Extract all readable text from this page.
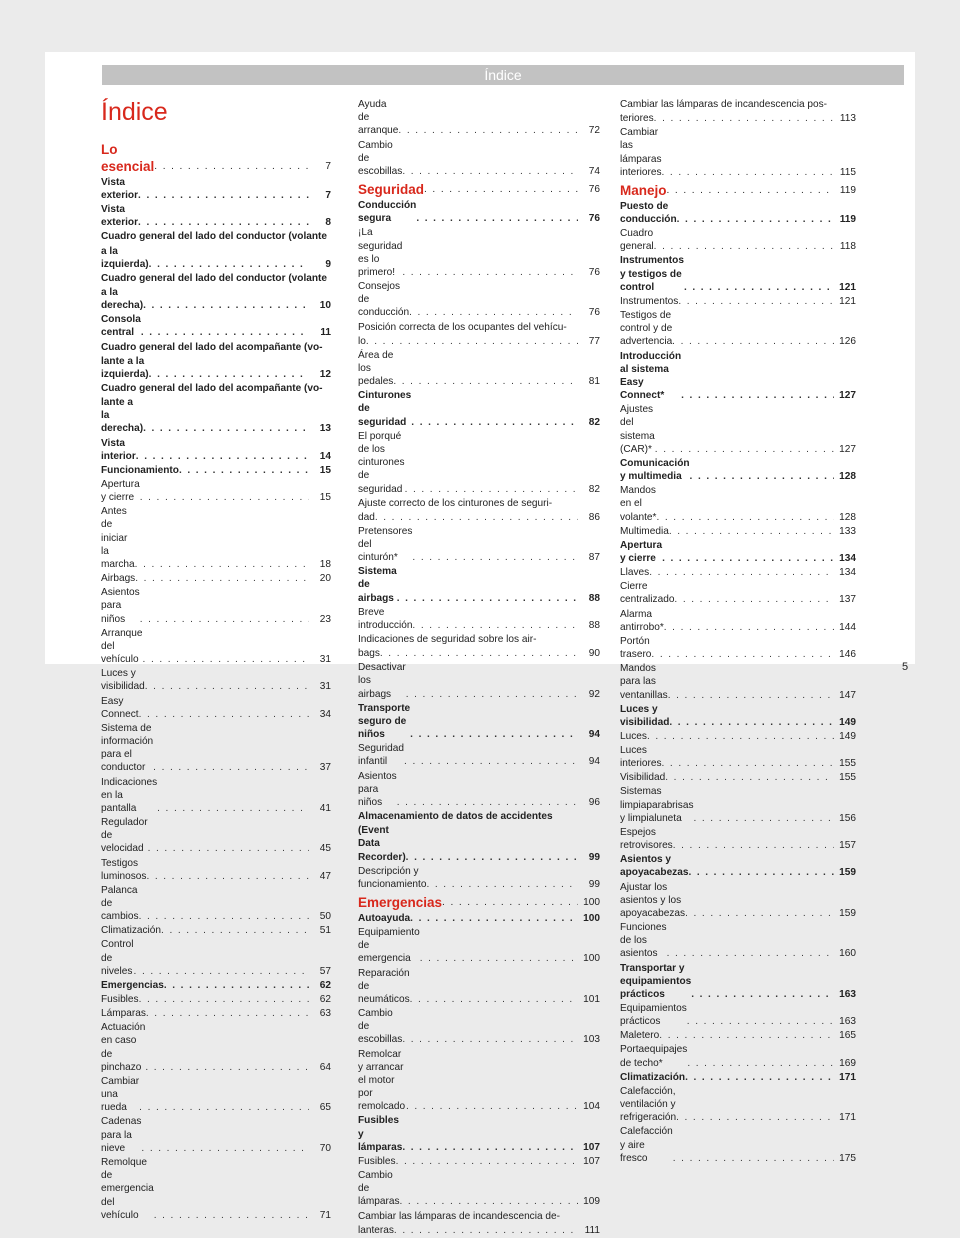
Índice
Índice
Lo esencial . . .	7
Vista exterior . . .	7
Vista exterior . . .	8
Cuadro general del lado del conductor (volante
a la izquierda) . . .	9
Cuadro general del lado del conductor (volante
a la derecha) . . .	10
Consola central . . .	11
Cuadro general del lado del acompañante (vo-
lante a la izquierda) . . .	12
Cuadro general del lado del acompañante (vo-
lante a la derecha) . . .	13
Vista interior . . .	14
Funcionamiento . . .	15
Apertura y cierre . . .	15
Antes de iniciar la marcha . . .	18
Airbags . . .	20
Asientos para niños . . .	23
Arranque del vehículo . . .	31
Luces y visibilidad . . .	31
Easy Connect . . .	34
Sistema de información para el conductor . . .	37
Indicaciones en la pantalla . . .	41
Regulador de velocidad . . .	45
Testigos luminosos . . .	47
Palanca de cambios . . .	50
Climatización . . .	51
Control de niveles . . .	57
Emergencias . . .	62
Fusibles . . .	62
Lámparas . . .	63
Actuación en caso de pinchazo . . .	64
Cambiar una rueda . . .	65
Cadenas para la nieve . . .	70
Remolque de emergencia del vehículo . . .	71
Ayuda de arranque . . .	72
Cambio de escobillas . . .	74
Seguridad . . .	76
Conducción segura . . .	76
¡La seguridad es lo primero! . . .	76
Consejos de conducción . . .	76
Posición correcta de los ocupantes del vehícu-
lo . . .	77
Área de los pedales . . .	81
Cinturones de seguridad . . .	82
El porqué de los cinturones de seguridad . . .	82
Ajuste correcto de los cinturones de seguri-
dad . . .	86
Pretensores del cinturón* . . .	87
Sistema de airbags . . .	88
Breve introducción . . .	88
Indicaciones de seguridad sobre los air-
bags . . .	90
Desactivar los airbags . . .	92
Transporte seguro de niños . . .	94
Seguridad infantil . . .	94
Asientos para niños . . .	96
Almacenamiento de datos de accidentes
(Event Data Recorder) . . .	99
Descripción y funcionamiento . . .	99
Emergencias . . .	100
Autoayuda . . .	100
Equipamiento de emergencia . . .	100
Reparación de neumáticos . . .	101
Cambio de escobillas . . .	103
Remolcar y arrancar el motor por remolcado . . .	104
Fusibles y lámparas . . .	107
Fusibles . . .	107
Cambio de lámparas . . .	109
Cambiar las lámparas de incandescencia de-
lanteras . . .	111
Cambiar las lámparas de incandescencia pos-
teriores . . .	113
Cambiar las lámparas interiores . . .	115
Manejo . . .	119
Puesto de conducción . . .	119
Cuadro general . . .	118
Instrumentos y testigos de control . . .	121
Instrumentos . . .	121
Testigos de control y de advertencia . . .	126
Introducción al sistema Easy Connect* . . .	127
Ajustes del sistema (CAR)* . . .	127
Comunicación y multimedia . . .	128
Mandos en el volante* . . .	128
Multimedia . . .	133
Apertura y cierre . . .	134
Llaves . . .	134
Cierre centralizado . . .	137
Alarma antirrobo* . . .	144
Portón trasero . . .	146
Mandos para las ventanillas . . .	147
Luces y visibilidad . . .	149
Luces . . .	149
Luces interiores . . .	155
Visibilidad . . .	155
Sistemas limpiaparabrisas y limpialuneta . . .	156
Espejos retrovisores . . .	157
Asientos y apoyacabezas . . .	159
Ajustar los asientos y los apoyacabezas . . .	159
Funciones de los asientos . . .	160
Transportar y equipamientos prácticos . . .	163
Equipamientos prácticos . . .	163
Maletero . . .	165
Portaequipajes de techo* . . .	169
Climatización . . .	171
Calefacción, ventilación y refrigeración . . .	171
Calefacción y aire fresco . . .	175
5
